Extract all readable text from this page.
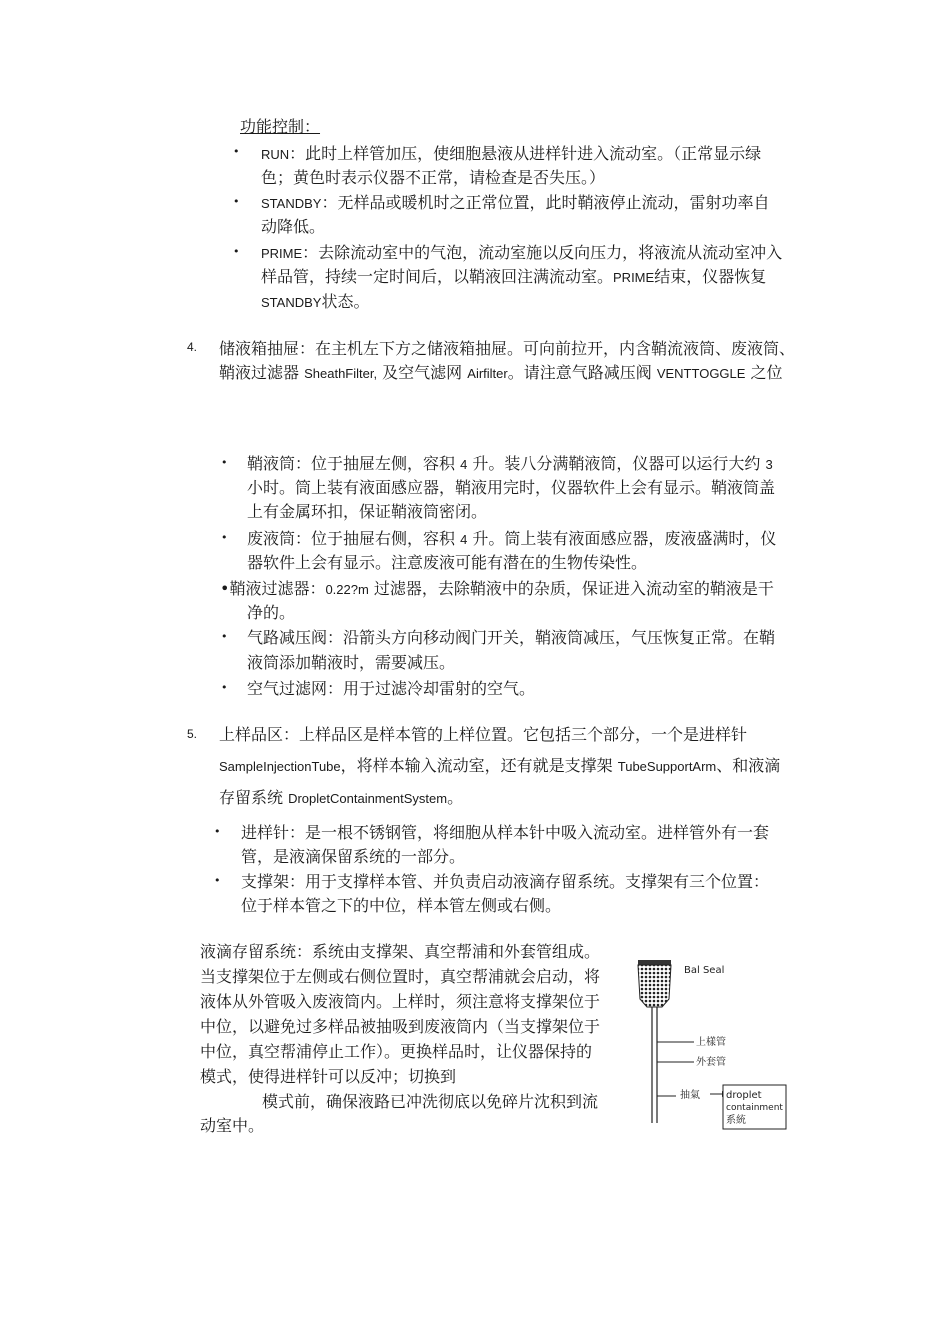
功能控制：
• RUN：此时上样管加压，使细胞悬液从进样针进入流动室。（正常显示绿
色；黄色时表示仪器不正常，请检查是否失压。）
• STANDBY：无样品或暖机时之正常位置，此时鞘液停止流动，雷射功率自
动降低。
• PRIME：去除流动室中的气泡，流动室施以反向压力，将液流从流动室冲入
样品管，持续一定时间后，以鞘液回注满流动室。PRIME结束，仪器恢复
STANDBY状态。
4. 储液箱抽屉：在主机左下方之储液箱抽屉。可向前拉开，内含鞘流液筒、废液筒、
鞘液过滤器 SheathFilter, 及空气滤网 Airfilter。请注意气路减压阀 VENTTOGGLE 之位
• 鞘液筒：位于抽屉左侧，容积 4 升。装八分满鞘液筒，仪器可以运行大约 3
小时。筒上装有液面感应器，鞘液用完时，仪器软件上会有显示。鞘液筒盖
上有金属环扣，保证鞘液筒密闭。
• 废液筒：位于抽屉右侧，容积 4 升。筒上装有液面感应器，废液盛满时，仪
器软件上会有显示。注意废液可能有潜在的生物传染性。
•鞘液过滤器：0.22?m 过滤器，去除鞘液中的杂质，保证进入流动室的鞘液是干
净的。
• 气路减压阀：沿箭头方向移动阀门开关，鞘液筒减压，气压恢复正常。在鞘
液筒添加鞘液时，需要减压。
• 空气过滤网：用于过滤冷却雷射的空气。
5. 上样品区：上样品区是样本管的上样位置。它包括三个部分，一个是进样针
SampleInjectionTube，将样本输入流动室，还有就是支撑架 TubeSupportArm、和液滴
存留系统 DropletContainmentSystem。
• 进样针：是一根不锈钢管，将细胞从样本针中吸入流动室。进样管外有一套
管，是液滴保留系统的一部分。
• 支撑架：用于支撑样本管、并负责启动液滴存留系统。支撑架有三个位置：
位于样本管之下的中位，样本管左侧或右侧。
液滴存留系统：系统由支撑架、真空帮浦和外套管组成。
当支撑架位于左侧或右侧位置时，真空帮浦就会启动，将
液体从外管吸入废液筒内。上样时，须注意将支撑架位于
中位，以避免过多样品被抽吸到废液筒内（当支撑架位于
中位，真空帮浦停止工作）。更换样品时，让仪器保持的
模式，使得进样针可以反冲；切换到
模式前，确保液路已冲洗彻底以免碎片沈积到流
动室中。
Bal Seal
上樣管
外套管
抽氣	droplet
containment
系統
